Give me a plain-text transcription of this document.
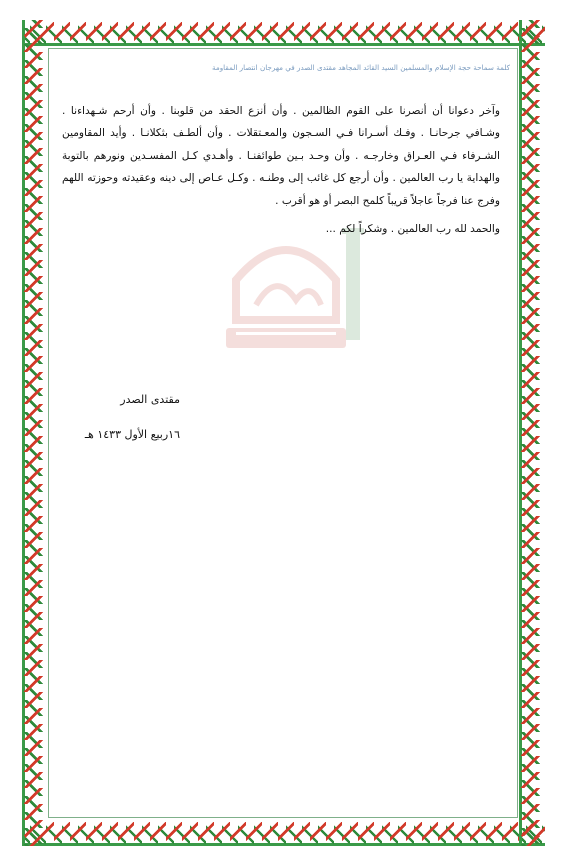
كلمة سماحة حجة الإسلام والمسلمين السيد القائد المجاهد مقتدى الصدر في مهرجان انتصار المقاومة

وآخر دعوانا أن أنصرنا على القوم الظالمين . وأن أنزع الحقد من قلوبنا . وأن أرحم شـهداءنا . وشـافي جرحانـا . وفـك أسـرانا فـي السـجون والمعـتقلات . وأن ألطـف بثكلانـا . وأيد المقاومين الشـرفاء فـي العـراق وخارجـه . وأن وحـد بـين طوائفنـا . وأهـدي كـل المفسـدين ونورهم بالتوبة والهداية يا رب العالمين . وأن أرجع كل غائب إلى وطنـه . وكـل عـاص إلى دينه وعقيدته وحوزته اللهم وفرج عنا فرجاً عاجلاً قريباً كلمح البصر أو هو أقرب .

والحمد لله رب العالمين . وشكراً لكم ...
مقتدى الصدر
١٦ربيع الأول ١٤٣٣ هـ
